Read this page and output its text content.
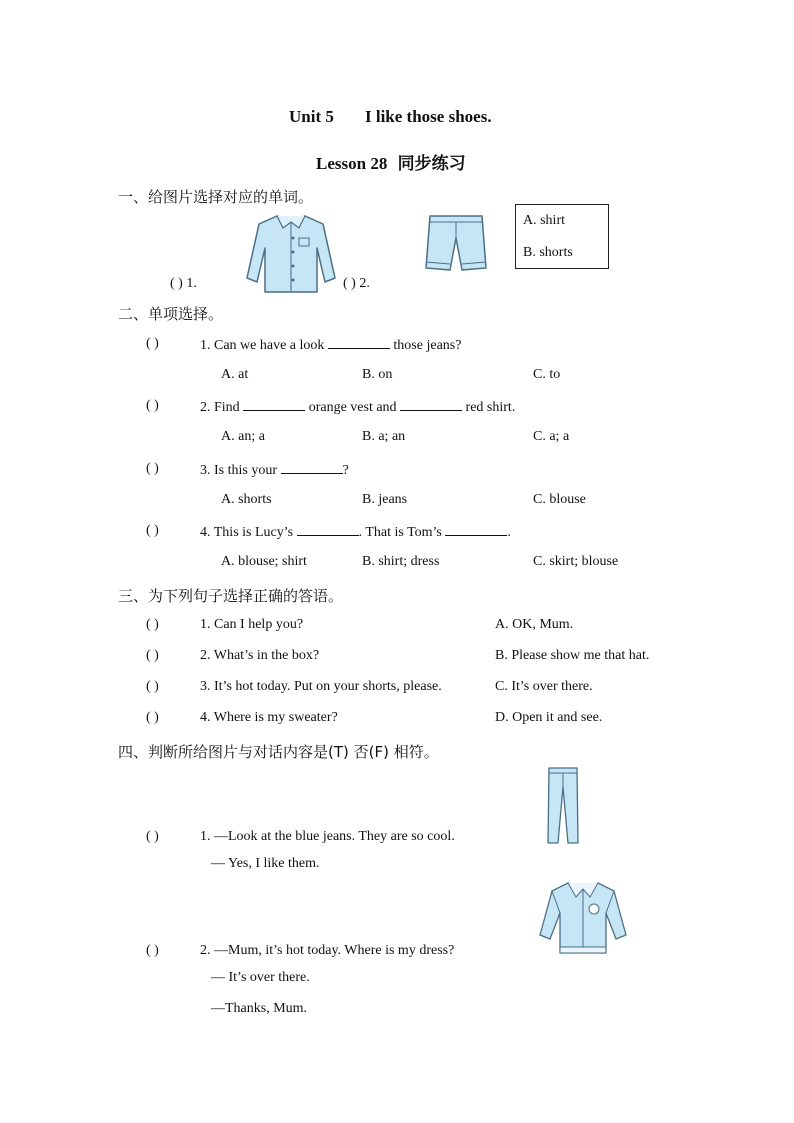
Unit 5 I like those shoes.
Lesson 28 同步练习
一、给图片选择对应的单词。
( ) 1.	( ) 2.
A. shirt
B. shorts
二、单项选择。
( )	1. Can we have a look	those jeans?
A. at	B. on	C. to
( )	2. Find	orange vest and	red shirt.
A. an; a	B. a; an	C. a; a
( )	3. Is this your	?
A. shorts	B. jeans	C. blouse
( )	4. This is Lucy’s	. That is Tom’s	.
A. blouse; shirt	B. shirt; dress	C. skirt; blouse
三、为下列句子选择正确的答语。
( )	1. Can I help you?	A. OK, Mum.
( )	2. What’s in the box?	B. Please show me that hat.
( )	3. It’s hot today. Put on your shorts, please.	C. It’s over there.
( )	4. Where is my sweater?	D. Open it and see.
四、判断所给图片与对话内容是(T) 否(F) 相符。
( )	1. —Look at the blue jeans. They are so cool.
— Yes, I like them.
( )	2. —Mum, it’s hot today. Where is my dress?
— It’s over there.
—Thanks, Mum.
